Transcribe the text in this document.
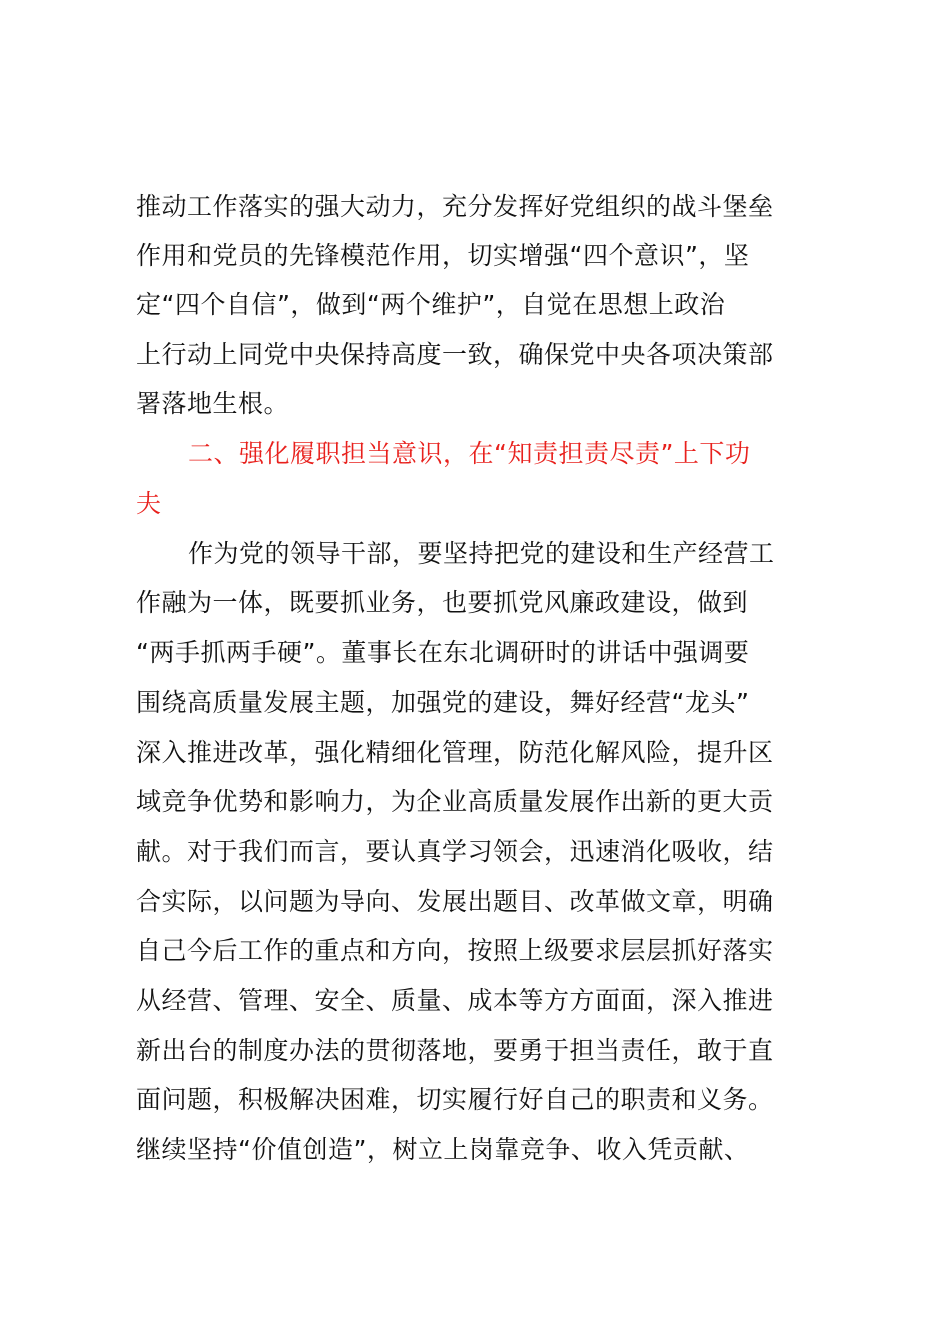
推动工作落实的强大动力，充分发挥好党组织的战斗堡垒
作用和党员的先锋模范作用，切实增强“四个意识”，坚
定“四个自信”，做到“两个维护”，自觉在思想上政治
上行动上同党中央保持高度一致，确保党中央各项决策部
署落地生根。
二、强化履职担当意识，在“知责担责尽责”上下功
夫
作为党的领导干部，要坚持把党的建设和生产经营工
作融为一体，既要抓业务，也要抓党风廉政建设，做到
“两手抓两手硬”。董事长在东北调研时的讲话中强调要
围绕高质量发展主题，加强党的建设，舞好经营“龙头”
深入推进改革，强化精细化管理，防范化解风险，提升区
域竞争优势和影响力，为企业高质量发展作出新的更大贡
献。对于我们而言，要认真学习领会，迅速消化吸收，结
合实际，以问题为导向、发展出题目、改革做文章，明确
自己今后工作的重点和方向，按照上级要求层层抓好落实
从经营、管理、安全、质量、成本等方方面面，深入推进
新出台的制度办法的贯彻落地，要勇于担当责任，敢于直
面问题，积极解决困难，切实履行好自己的职责和义务。
继续坚持“价值创造”，树立上岗靠竞争、收入凭贡献、
